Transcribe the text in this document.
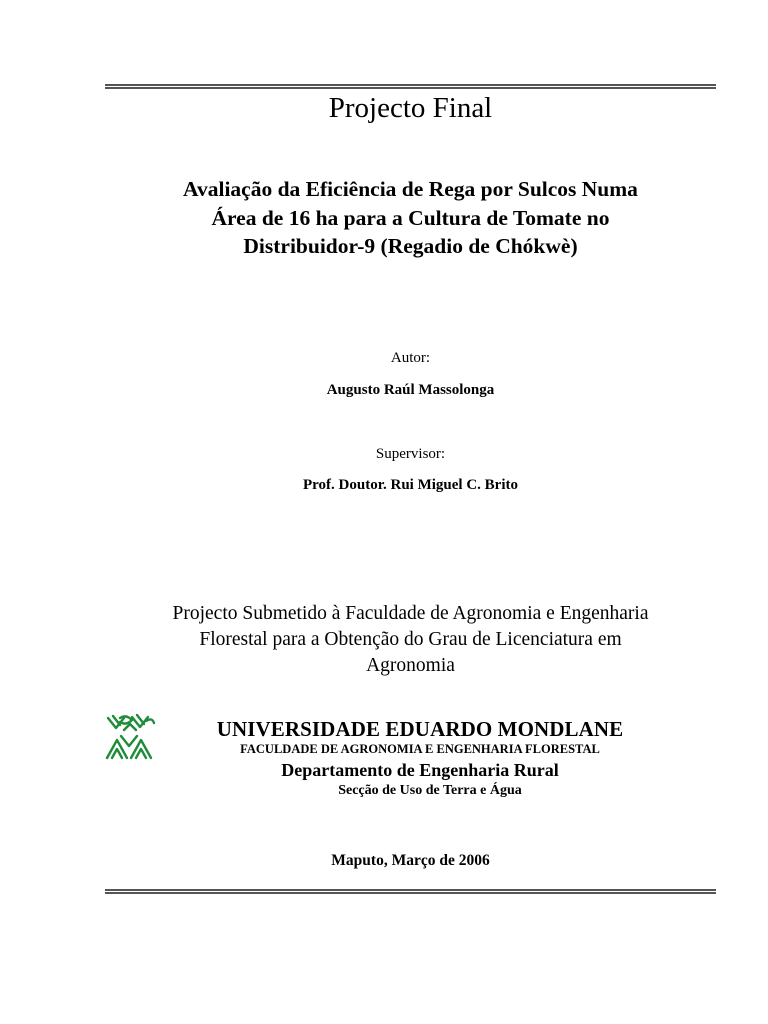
Projecto Final
Avaliação da Eficiência de Rega por Sulcos Numa
Área de 16 ha para a Cultura de Tomate no
Distribuidor-9 (Regadio de Chókwè)
Autor:
Augusto Raúl Massolonga
Supervisor:
Prof. Doutor. Rui Miguel C. Brito
Projecto Submetido à Faculdade de Agronomia e Engenharia
Florestal para a Obtenção do Grau de Licenciatura em
Agronomia
UNIVERSIDADE EDUARDO MONDLANE
FACULDADE DE AGRONOMIA E ENGENHARIA FLORESTAL
Departamento de Engenharia Rural
Secção de Uso de Terra e Água
Maputo, Março de 2006
